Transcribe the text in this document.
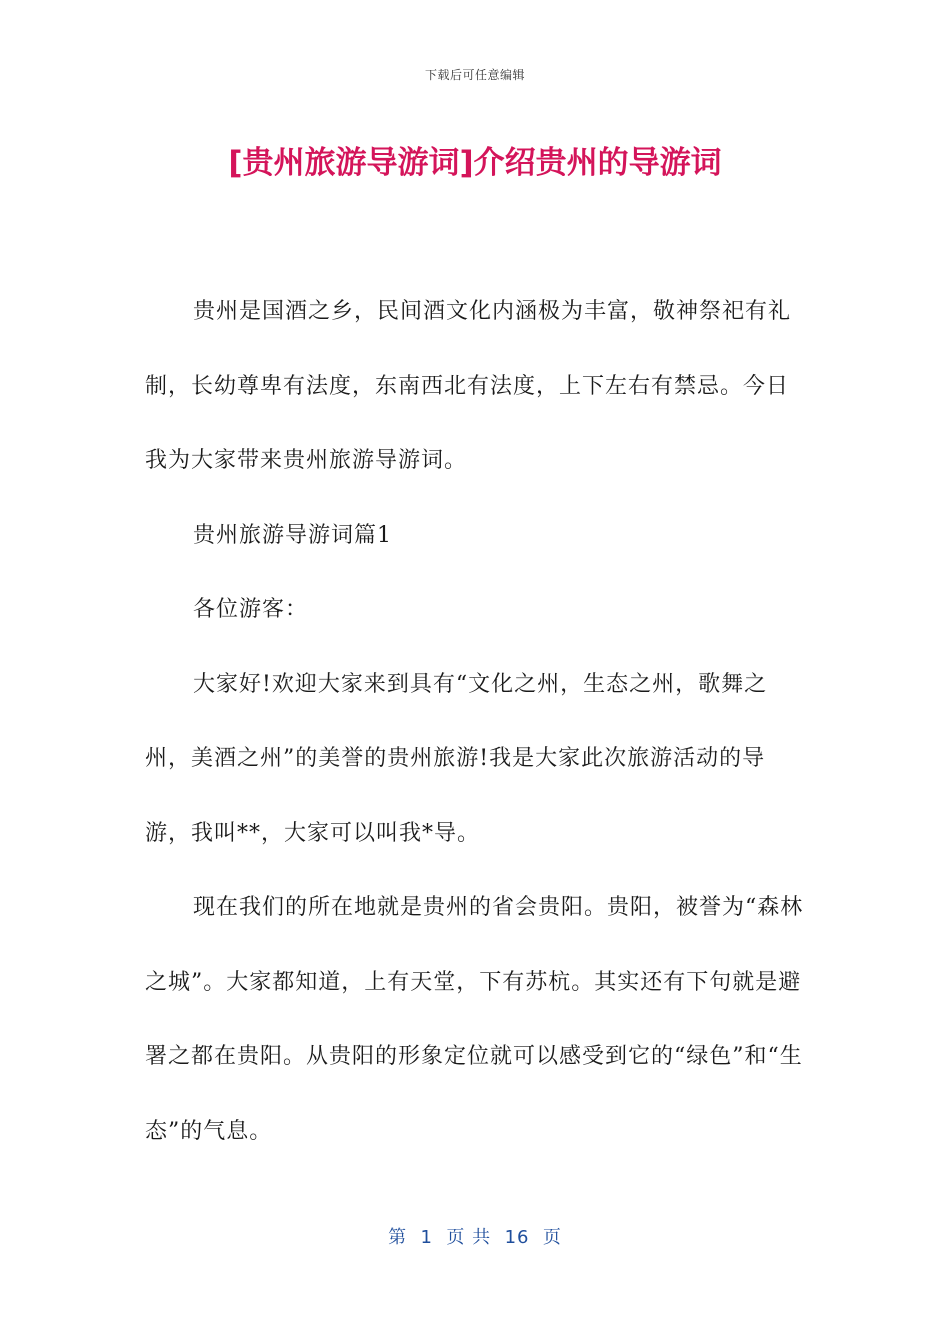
下载后可任意编辑
[贵州旅游导游词]介绍贵州的导游词

贵州是国酒之乡，民间酒文化内涵极为丰富，敬神祭祀有礼制，长幼尊卑有法度，东南西北有法度，上下左右有禁忌。今日我为大家带来贵州旅游导游词。

贵州旅游导游词篇1

各位游客：

大家好!欢迎大家来到具有“文化之州，生态之州，歌舞之州，美酒之州”的美誉的贵州旅游!我是大家此次旅游活动的导游，我叫**，大家可以叫我*导。

现在我们的所在地就是贵州的省会贵阳。贵阳，被誉为“森林之城”。大家都知道，上有天堂，下有苏杭。其实还有下句就是避署之都在贵阳。从贵阳的形象定位就可以感受到它的“绿色”和“生态”的气息。

第  1  页 共  16  页
